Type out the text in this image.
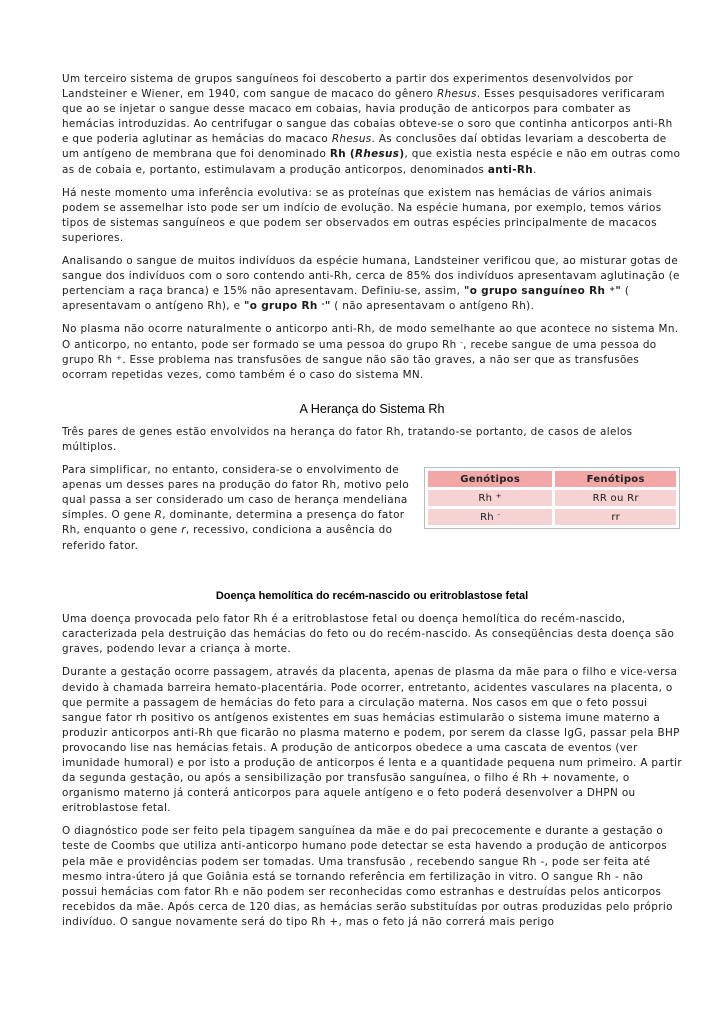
Um terceiro sistema de grupos sanguíneos foi descoberto a partir dos experimentos desenvolvidos por Landsteiner e Wiener, em 1940, com sangue de macaco do gênero Rhesus. Esses pesquisadores verificaram que ao se injetar o sangue desse macaco em cobaias, havia produção de anticorpos para combater as hemácias introduzidas. Ao centrifugar o sangue das cobaias obteve-se o soro que continha anticorpos anti-Rh e que poderia aglutinar as hemácias do macaco Rhesus. As conclusões daí obtidas levariam a descoberta de um antígeno de membrana que foi denominado Rh (Rhesus), que existia nesta espécie e não em outras como as de cobaia e, portanto, estimulavam a produção anticorpos, denominados anti-Rh.

Há neste momento uma inferência evolutiva: se as proteínas que existem nas hemácias de vários animais podem se assemelhar isto pode ser um indício de evolução. Na espécie humana, por exemplo, temos vários tipos de sistemas sanguíneos e que podem ser observados em outras espécies principalmente de macacos superiores.

Analisando o sangue de muitos indivíduos da espécie humana, Landsteiner verificou que, ao misturar gotas de sangue dos indivíduos com o soro contendo anti-Rh, cerca de 85% dos indivíduos apresentavam aglutinação (e pertenciam a raça branca) e 15% não apresentavam. Definiu-se, assim, "o grupo sanguíneo Rh +" ( apresentavam o antígeno Rh), e "o grupo Rh -" ( não apresentavam o antígeno Rh).

No plasma não ocorre naturalmente o anticorpo anti-Rh, de modo semelhante ao que acontece no sistema Mn. O anticorpo, no entanto, pode ser formado se uma pessoa do grupo Rh -, recebe sangue de uma pessoa do grupo Rh +. Esse problema nas transfusões de sangue não são tão graves, a não ser que as transfusões ocorram repetidas vezes, como também é o caso do sistema MN.

A Herança do Sistema Rh

Três pares de genes estão envolvidos na herança do fator Rh, tratando-se portanto, de casos de alelos múltiplos.

Para simplificar, no entanto, considera-se o envolvimento de apenas um desses pares na produção do fator Rh, motivo pelo qual passa a ser considerado um caso de herança mendeliana simples. O gene R, dominante, determina a presença do fator Rh, enquanto o gene r, recessivo, condiciona a ausência do referido fator.
Genótipos	Fenótipos
Rh +	RR ou Rr
Rh -	rr
Doença hemolítica do recém-nascido ou eritroblastose fetal

Uma doença provocada pelo fator Rh é a eritroblastose fetal ou doença hemolítica do recém-nascido, caracterizada pela destruição das hemácias do feto ou do recém-nascido. As conseqüências desta doença são graves, podendo levar a criança à morte.

Durante a gestação ocorre passagem, através da placenta, apenas de plasma da mãe para o filho e vice-versa devido à chamada barreira hemato-placentária. Pode ocorrer, entretanto, acidentes vasculares na placenta, o que permite a passagem de hemácias do feto para a circulação materna. Nos casos em que o feto possui sangue fator rh positivo os antígenos existentes em suas hemácias estimularão o sistema imune materno a produzir anticorpos anti-Rh que ficarão no plasma materno e podem, por serem da classe IgG, passar pela BHP provocando lise nas hemácias fetais. A produção de anticorpos obedece a uma cascata de eventos (ver imunidade humoral) e por isto a produção de anticorpos é lenta e a quantidade pequena num primeiro. A partir da segunda gestação, ou após a sensibilização por transfusão sanguínea, o filho é Rh + novamente, o organismo materno já conterá anticorpos para aquele antígeno e o feto poderá desenvolver a DHPN ou eritroblastose fetal.

O diagnóstico pode ser feito pela tipagem sanguínea da mãe e do pai precocemente e durante a gestação o teste de Coombs que utiliza anti-anticorpo humano pode detectar se esta havendo a produção de anticorpos pela mãe e providências podem ser tomadas. Uma transfusão , recebendo sangue Rh -, pode ser feita até mesmo intra-útero já que Goiânia está se tornando referência em fertilização in vitro. O sangue Rh - não possui hemácias com fator Rh e não podem ser reconhecidas como estranhas e destruídas pelos anticorpos recebidos da mãe. Após cerca de 120 dias, as hemácias serão substituídas por outras produzidas pelo próprio indivíduo. O sangue novamente será do tipo Rh +, mas o feto já não correrá mais perigo
